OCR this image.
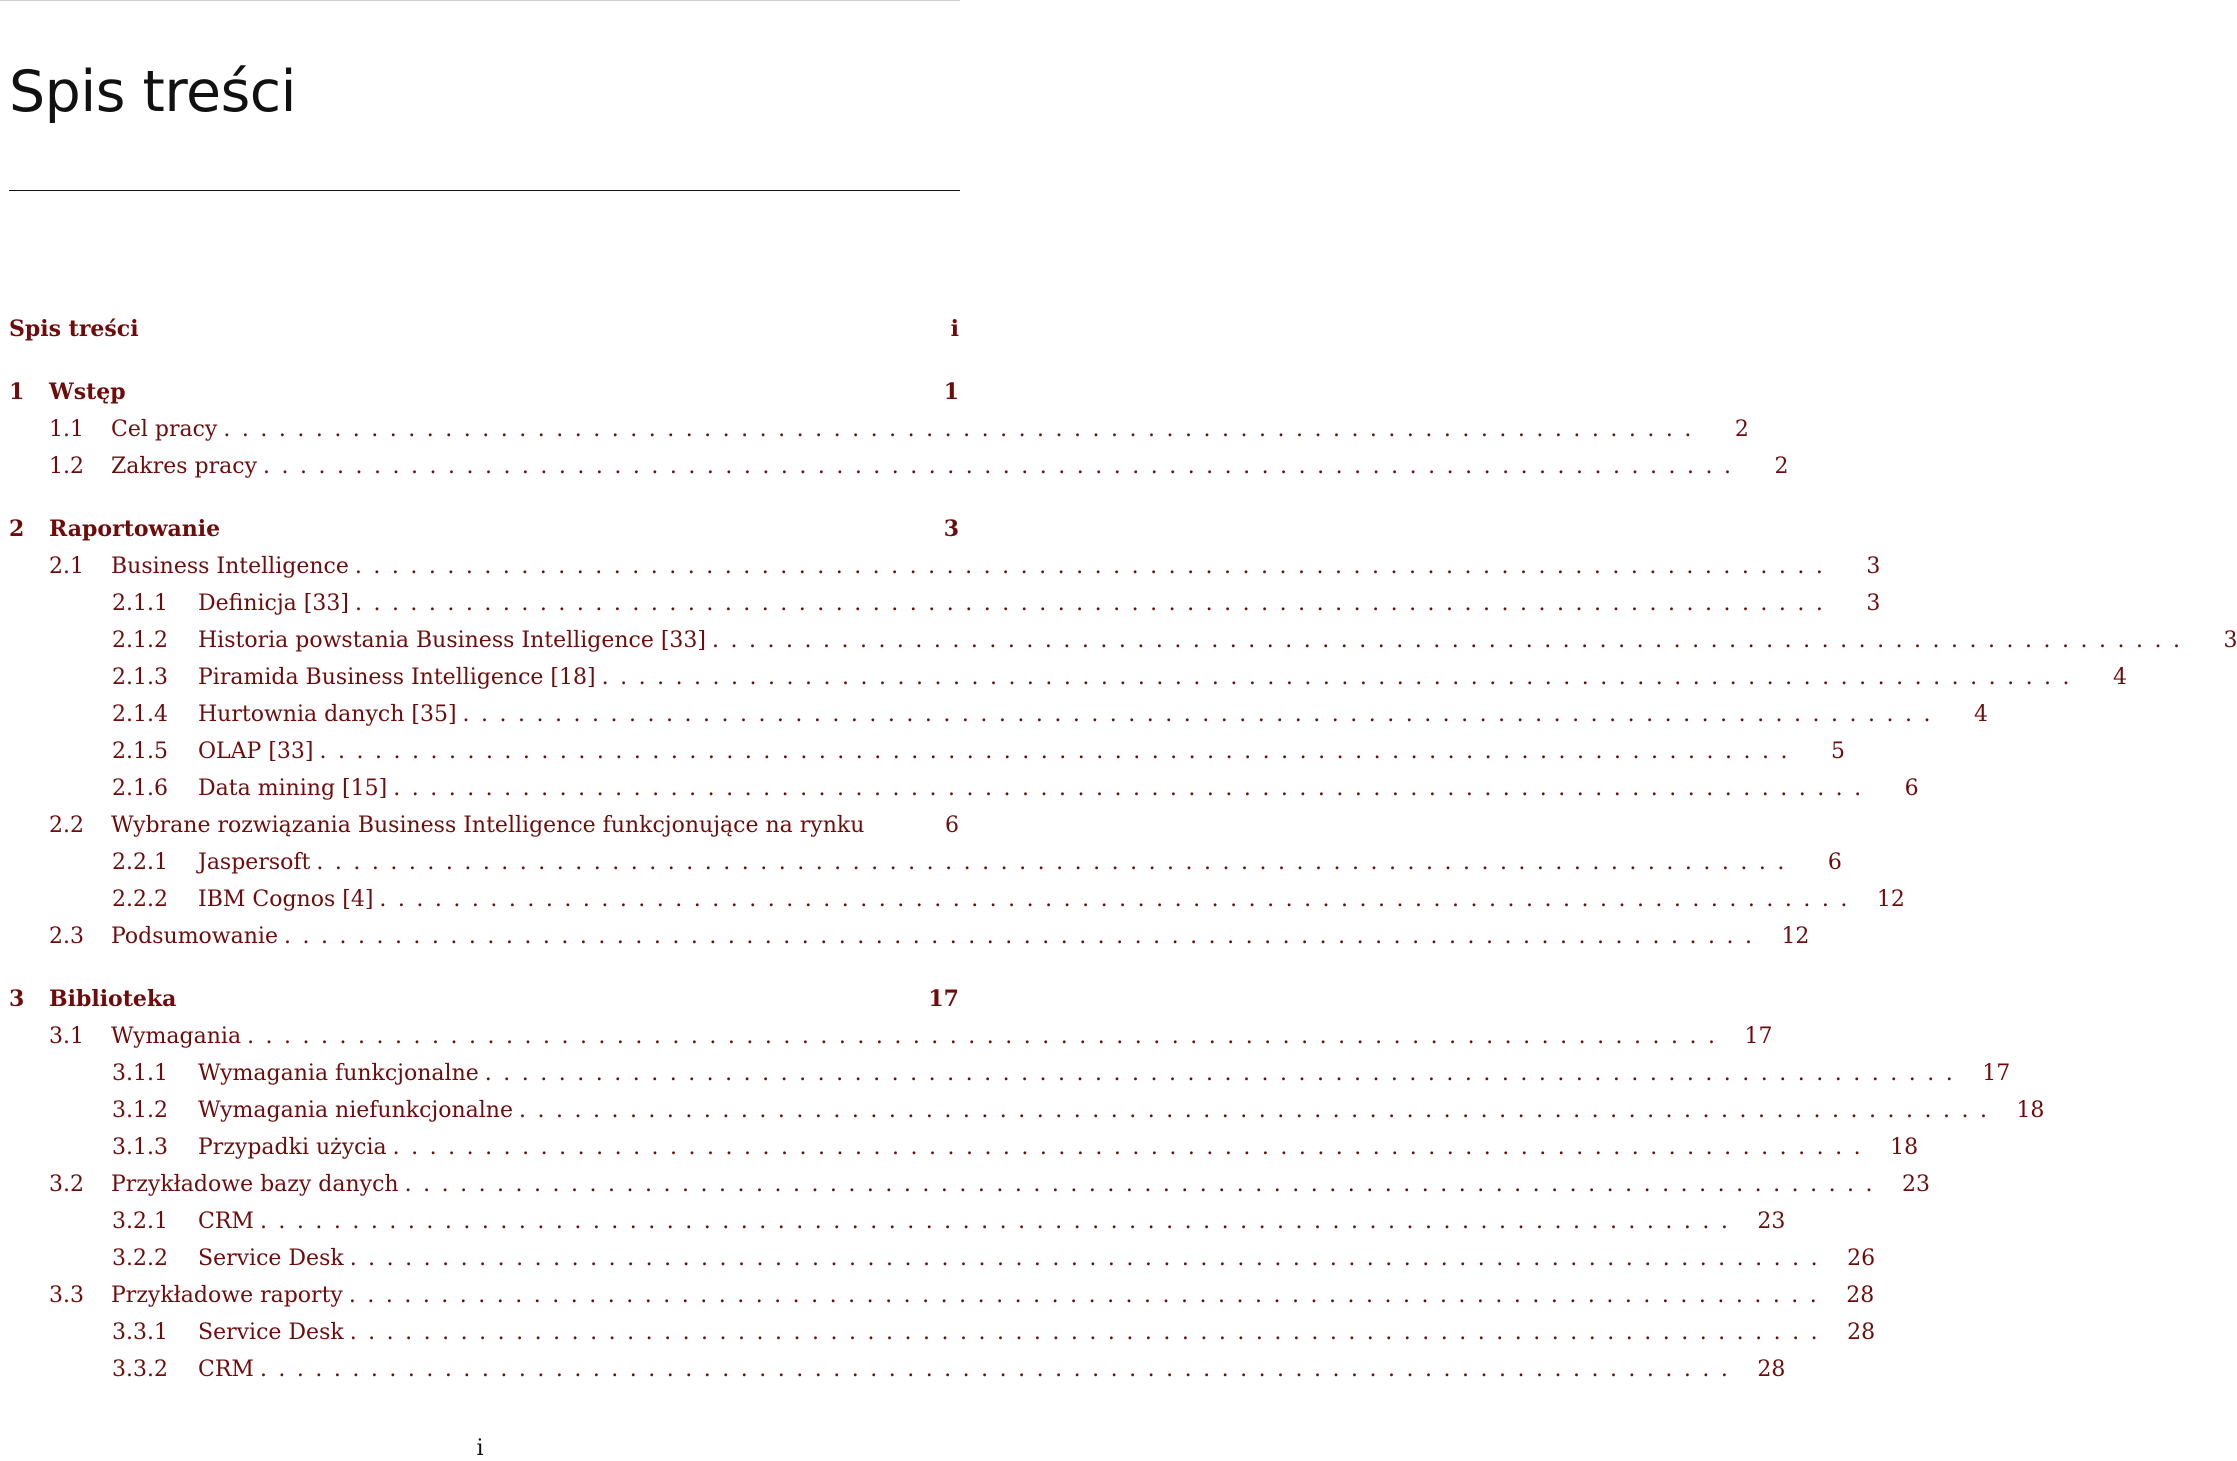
Spis treści
Spis treści	i
1	Wstęp	1
1.1	Cel pracy ................................................................................	2
1.2	Zakres pracy ................................................................................	2
2	Raportowanie	3
2.1	Business Intelligence ................................................................................	3
2.1.1	Definicja [33] ................................................................................	3
2.1.2	Historia powstania Business Intelligence [33] ................................................................................	3
2.1.3	Piramida Business Intelligence [18] ................................................................................	4
2.1.4	Hurtownia danych [35] ................................................................................	4
2.1.5	OLAP [33] ................................................................................	5
2.1.6	Data mining [15] ................................................................................	6
2.2	Wybrane rozwiązania Business Intelligence funkcjonujące na rynku	6
2.2.1	Jaspersoft ................................................................................	6
2.2.2	IBM Cognos [4] ................................................................................ 12
2.3	Podsumowanie ................................................................................ 12
3	Biblioteka	17
3.1	Wymagania ................................................................................ 17
3.1.1	Wymagania funkcjonalne ................................................................................ 17
3.1.2	Wymagania niefunkcjonalne ................................................................................ 18
3.1.3	Przypadki użycia ................................................................................ 18
3.2	Przykładowe bazy danych ................................................................................ 23
3.2.1	CRM ................................................................................ 23
3.2.2	Service Desk ................................................................................ 26
3.3	Przykładowe raporty ................................................................................ 28
3.3.1	Service Desk ................................................................................ 28
3.3.2	CRM ................................................................................ 28
i
